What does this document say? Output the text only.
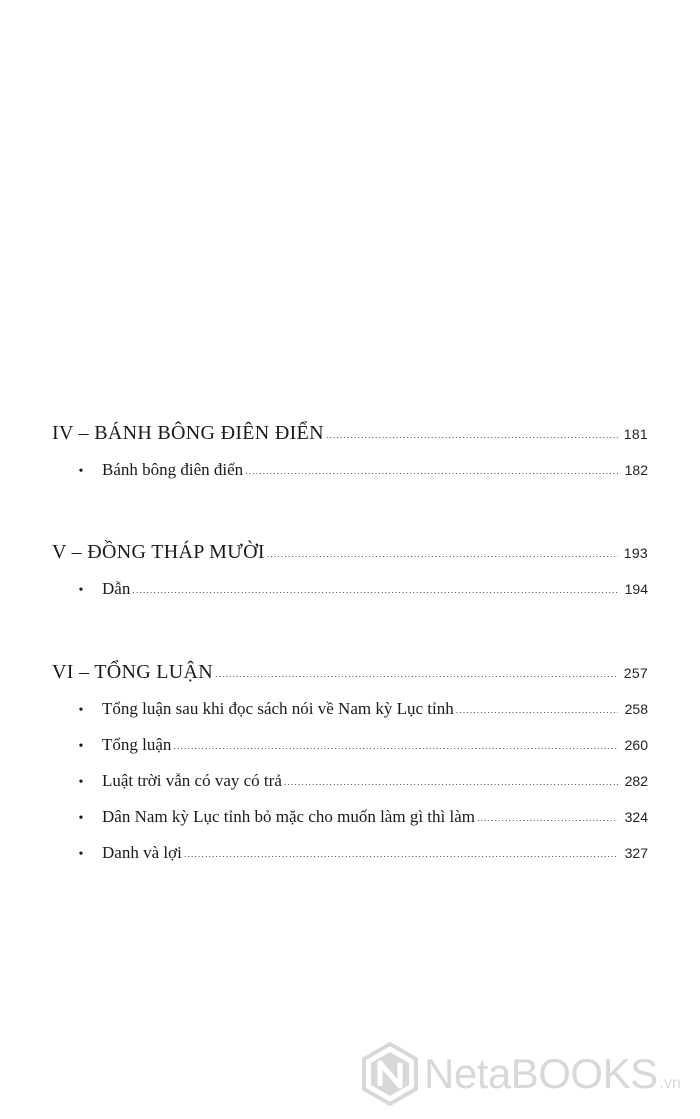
IV – BÁNH BÔNG ĐIÊN ĐIỂN .....	181
•	Bánh bông điên điển .....	182
V – ĐỒNG THÁP MƯỜI .....	193
•	Dẫn .....	194
VI – TỔNG LUẬN .....	257
•	Tổng luận sau khi đọc sách nói về Nam kỳ Lục tỉnh .....	258
•	Tổng luận .....	260
•	Luật trời vẫn có vay có trả .....	282
•	Dân Nam kỳ Lục tỉnh bỏ mặc cho muốn làm gì thì làm .....	324
•	Danh và lợi .....	327
NetaBOOKS .vn
